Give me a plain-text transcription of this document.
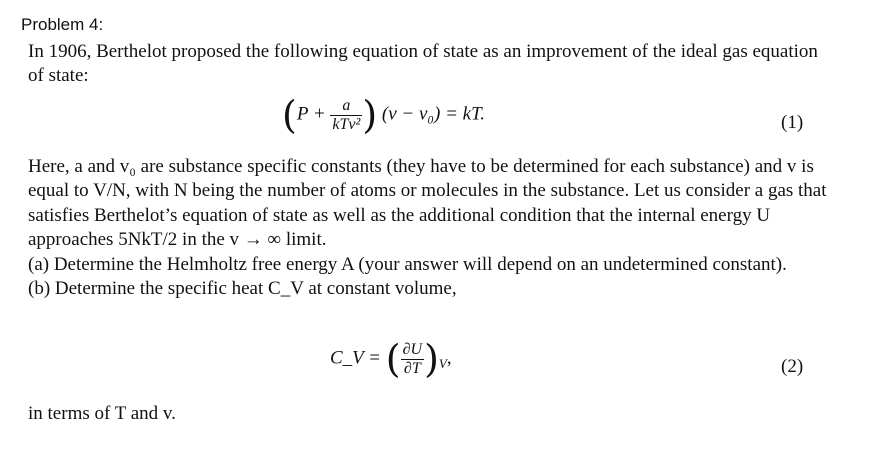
Problem 4:
In 1906, Berthelot proposed the following equation of state as an improvement of the ideal gas equation of state:
($P + \frac{a}{\text{kTv²}}$ ) (v − v₀) = kT.	(1)
Here, a and v₀ are substance specific constants (they have to be determined for each substance) and v is equal to V/N, with N being the number of atoms or molecules in the substance. Let us consider a gas that satisfies Berthelot’s equation of state as well as the additional condition that the internal energy U approaches 5NkT/2 in the v → ∞ limit.
(a) Determine the Helmholtz free energy A (your answer will depend on an undetermined constant).
(b) Determine the specific heat C_V at constant volume,
C_V = ( $\frac{\partial U}{\partial T} )_V$,	(2)
in terms of T and v.
